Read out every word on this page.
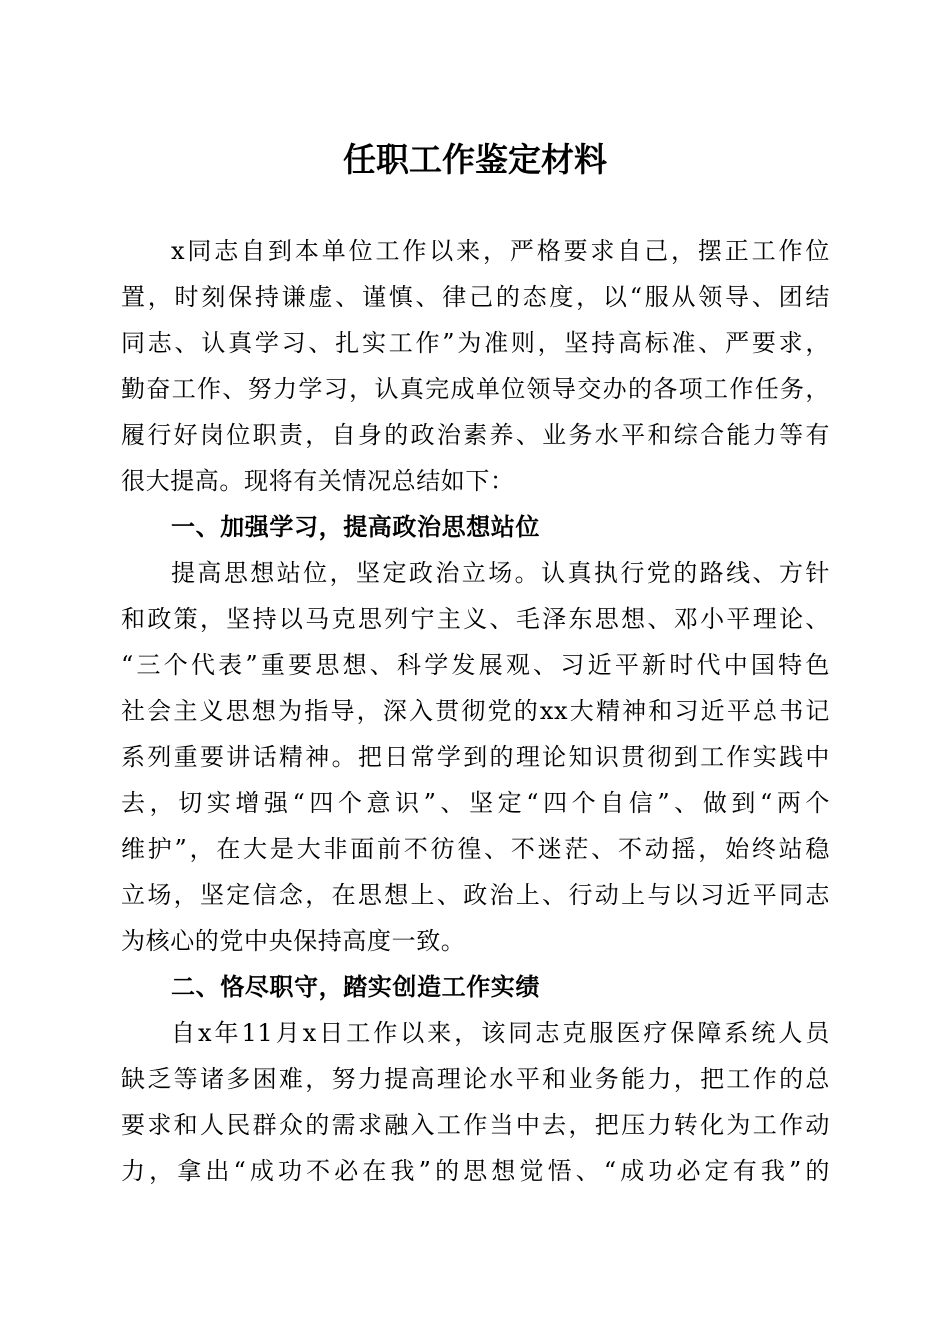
任职工作鉴定材料
x同志自到本单位工作以来，严格要求自己，摆正工作位
置，时刻保持谦虚、谨慎、律己的态度，以“服从领导、团结
同志、认真学习、扎实工作”为准则，坚持高标准、严要求，
勤奋工作、努力学习，认真完成单位领导交办的各项工作任务，
履行好岗位职责，自身的政治素养、业务水平和综合能力等有
很大提高。现将有关情况总结如下：
一、加强学习，提高政治思想站位
提高思想站位，坚定政治立场。认真执行党的路线、方针
和政策，坚持以马克思列宁主义、毛泽东思想、邓小平理论、
“三个代表”重要思想、科学发展观、习近平新时代中国特色
社会主义思想为指导，深入贯彻党的xx大精神和习近平总书记
系列重要讲话精神。把日常学到的理论知识贯彻到工作实践中
去，切实增强“四个意识”、坚定“四个自信”、做到“两个
维护”，在大是大非面前不彷徨、不迷茫、不动摇，始终站稳
立场，坚定信念，在思想上、政治上、行动上与以习近平同志
为核心的党中央保持高度一致。
二、恪尽职守，踏实创造工作实绩
自x年11月x日工作以来，该同志克服医疗保障系统人员
缺乏等诸多困难，努力提高理论水平和业务能力，把工作的总
要求和人民群众的需求融入工作当中去，把压力转化为工作动
力，拿出“成功不必在我”的思想觉悟、“成功必定有我”的
